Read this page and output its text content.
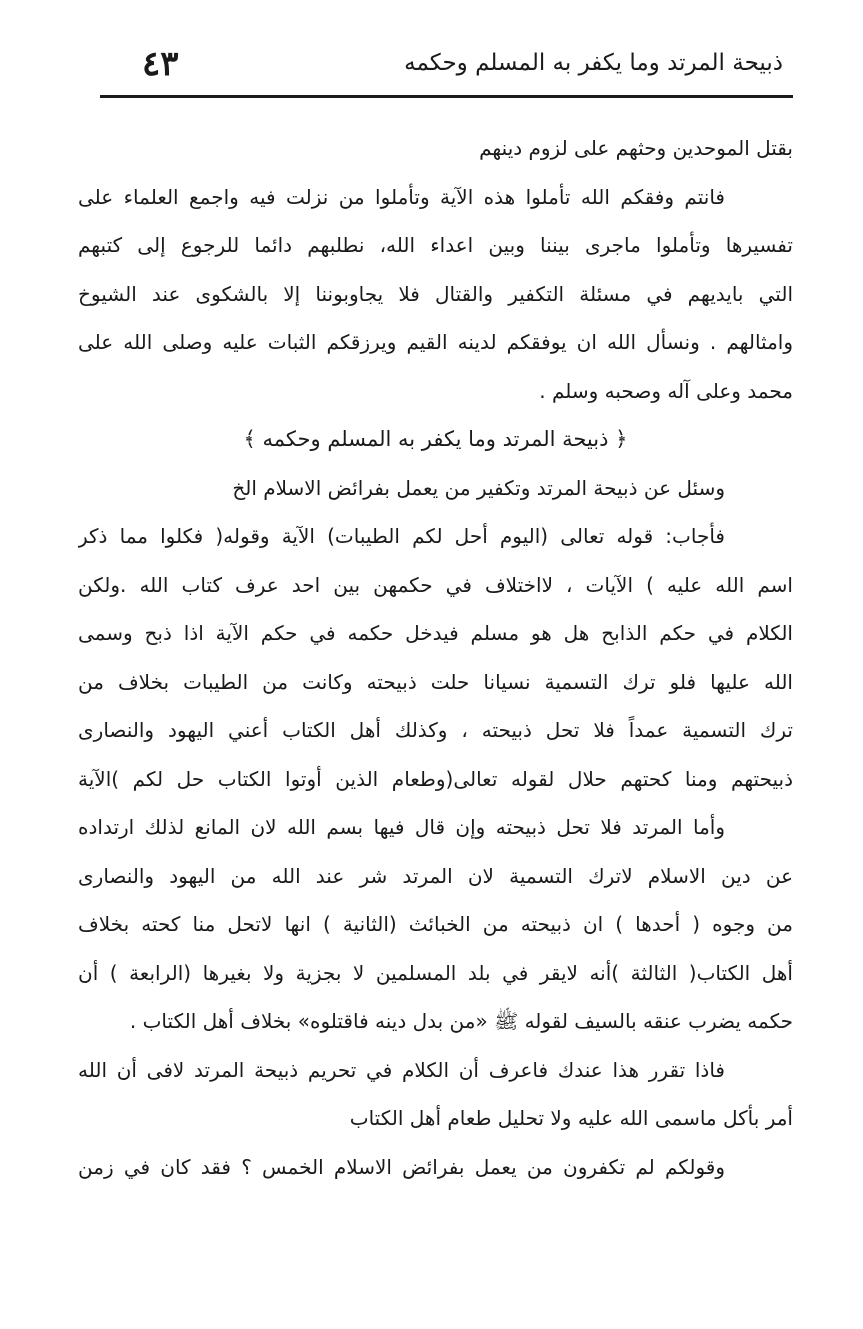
ذبيحة المرتد وما يكفر به المسلم وحكمه
٤٣
بقتل الموحدين وحثهم على لزوم دينهم
فانتم وفقكم الله تأملوا هذه الآية وتأملوا من نزلت فيه واجمع العلماء على
تفسيرها وتأملوا ماجرى بيننا وبين اعداء الله، نطلبهم دائما للرجوع إلى كتبهم
التي بايديهم في مسئلة التكفير والقتال فلا يجاوبوننا إلا بالشكوى عند الشيوخ
وامثالهم . ونسأل الله ان يوفقكم لدينه القيم ويرزقكم الثبات عليه وصلى الله على
محمد وعلى آله وصحبه وسلم .
﴿ ذبيحة المرتد وما يكفر به المسلم وحكمه ﴾
وسئل عن ذبيحة المرتد وتكفير من يعمل بفرائض الاسلام الخ
فأجاب: قوله تعالى (اليوم أحل لكم الطيبات) الآية وقوله( فكلوا مما ذكر
اسم الله عليه ) الآيات ، لااختلاف في حكمهن بين احد عرف كتاب الله .ولكن
الكلام في حكم الذابح هل هو مسلم فيدخل حكمه في حكم الآية اذا ذبح وسمى
الله عليها فلو ترك التسمية نسيانا حلت ذبيحته وكانت من الطيبات بخلاف من
ترك التسمية عمداً فلا تحل ذبيحته ، وكذلك أهل الكتاب أعني اليهود والنصارى
ذبيحتهم ومنا كحتهم حلال لقوله تعالى(وطعام الذين أوتوا الكتاب حل لكم )الآية
وأما المرتد فلا تحل ذبيحته وإن قال فيها بسم الله لان المانع لذلك ارتداده
عن دين الاسلام لاترك التسمية لان المرتد شر عند الله من اليهود والنصارى
من وجوه ( أحدها ) ان ذبيحته من الخبائث (الثانية ) انها لاتحل منا كحته بخلاف
أهل الكتاب( الثالثة )أنه لايقر في بلد المسلمين لا بجزية ولا بغيرها (الرابعة ) أن
حكمه يضرب عنقه بالسيف لقوله ﷺ «من بدل دينه فاقتلوه» بخلاف أهل الكتاب .
فاذا تقرر هذا عندك فاعرف أن الكلام في تحريم ذبيحة المرتد لافى أن الله
أمر بأكل ماسمى الله عليه ولا تحليل طعام أهل الكتاب
وقولكم لم تكفرون من يعمل بفرائض الاسلام الخمس ؟ فقد كان في زمن
